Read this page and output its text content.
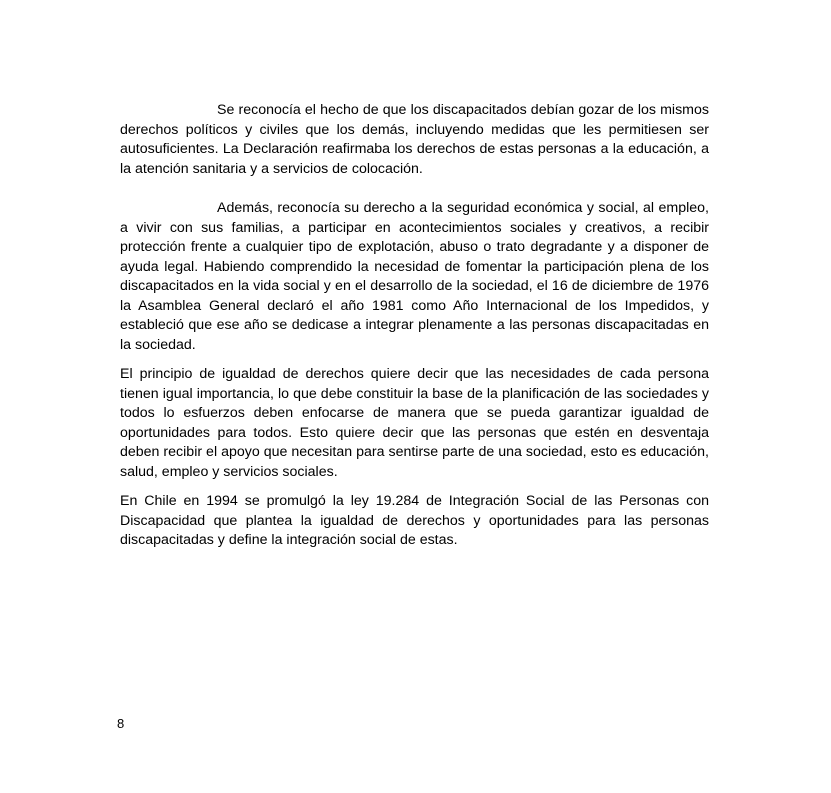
Se reconocía el hecho de que los discapacitados debían gozar de los mismos derechos políticos y civiles que los demás, incluyendo medidas que les permitiesen ser autosuficientes. La Declaración reafirmaba los derechos de estas personas a la educación, a la atención sanitaria y a servicios de colocación.

Además, reconocía su derecho a la seguridad económica y social, al empleo, a vivir con sus familias, a participar en acontecimientos sociales y creativos, a recibir protección frente a cualquier tipo de explotación, abuso o trato degradante y a disponer de ayuda legal. Habiendo comprendido la necesidad de fomentar la participación plena de los discapacitados en la vida social y en el desarrollo de la sociedad, el 16 de diciembre de 1976 la Asamblea General declaró el año 1981 como Año Internacional de los Impedidos, y estableció que ese año se dedicase a integrar plenamente a las personas discapacitadas en la sociedad.

El principio de igualdad de derechos quiere decir que las necesidades de cada persona tienen igual importancia, lo que debe constituir la base de la planificación de las sociedades y todos lo esfuerzos deben enfocarse de manera que se pueda garantizar igualdad de oportunidades para todos. Esto quiere decir que las personas que estén en desventaja deben recibir el apoyo que necesitan para sentirse parte de una sociedad, esto es educación, salud, empleo y servicios sociales.

En Chile en 1994 se promulgó la ley 19.284 de Integración Social de las Personas con Discapacidad que plantea la igualdad de derechos y oportunidades para las personas discapacitadas y define la integración social de estas.

8
